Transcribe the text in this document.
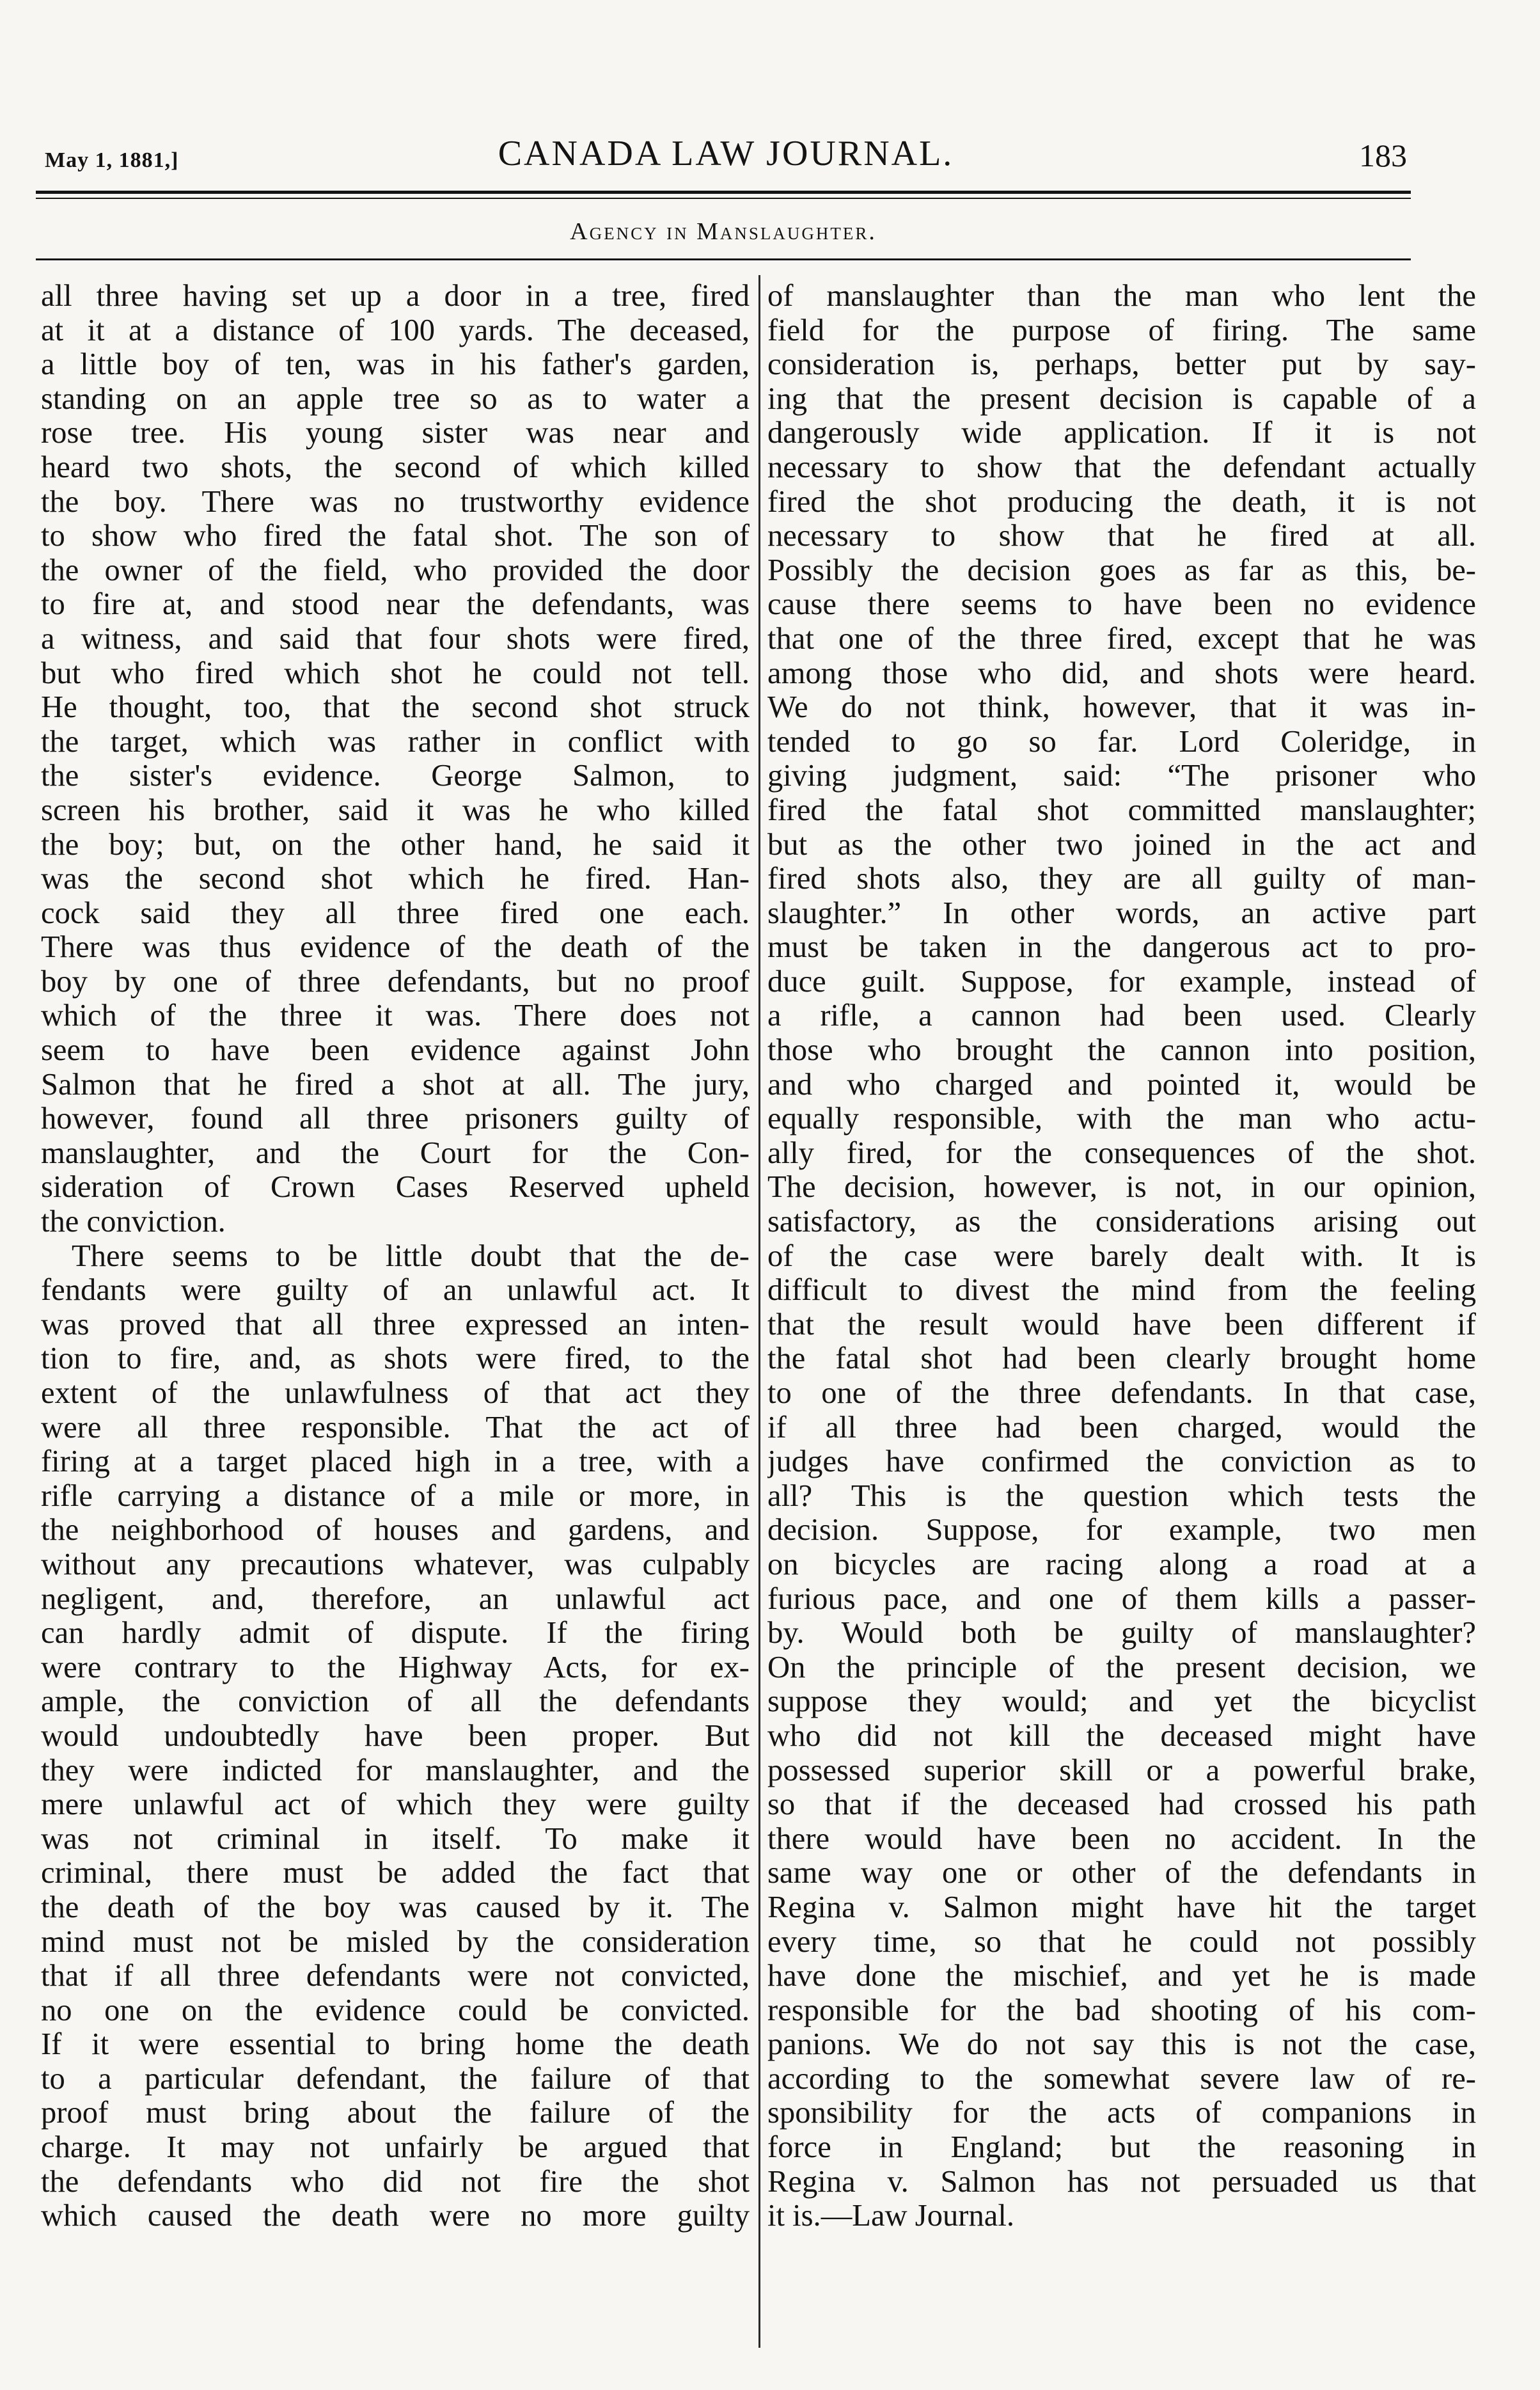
May 1, 1881,]	CANADA LAW JOURNAL.	183
Agency in Manslaughter.
all three having set up a door in a tree, fired
at it at a distance of 100 yards. The deceased,
a little boy of ten, was in his father's garden,
standing on an apple tree so as to water a
rose tree. His young sister was near and
heard two shots, the second of which killed
the boy. There was no trustworthy evidence
to show who fired the fatal shot. The son of
the owner of the field, who provided the door
to fire at, and stood near the defendants, was
a witness, and said that four shots were fired,
but who fired which shot he could not tell.
He thought, too, that the second shot struck
the target, which was rather in conflict with
the sister's evidence. George Salmon, to
screen his brother, said it was he who killed
the boy; but, on the other hand, he said it
was the second shot which he fired. Han-
cock said they all three fired one each.
There was thus evidence of the death of the
boy by one of three defendants, but no proof
which of the three it was. There does not
seem to have been evidence against John
Salmon that he fired a shot at all. The jury,
however, found all three prisoners guilty of
manslaughter, and the Court for the Con-
sideration of Crown Cases Reserved upheld
the conviction.
There seems to be little doubt that the de-
fendants were guilty of an unlawful act. It
was proved that all three expressed an inten-
tion to fire, and, as shots were fired, to the
extent of the unlawfulness of that act they
were all three responsible. That the act of
firing at a target placed high in a tree, with a
rifle carrying a distance of a mile or more, in
the neighborhood of houses and gardens, and
without any precautions whatever, was culpably
negligent, and, therefore, an unlawful act
can hardly admit of dispute. If the firing
were contrary to the Highway Acts, for ex-
ample, the conviction of all the defendants
would undoubtedly have been proper. But
they were indicted for manslaughter, and the
mere unlawful act of which they were guilty
was not criminal in itself. To make it
criminal, there must be added the fact that
the death of the boy was caused by it. The
mind must not be misled by the consideration
that if all three defendants were not convicted,
no one on the evidence could be convicted.
If it were essential to bring home the death
to a particular defendant, the failure of that
proof must bring about the failure of the
charge. It may not unfairly be argued that
the defendants who did not fire the shot
which caused the death were no more guilty
of manslaughter than the man who lent the
field for the purpose of firing. The same
consideration is, perhaps, better put by say-
ing that the present decision is capable of a
dangerously wide application. If it is not
necessary to show that the defendant actually
fired the shot producing the death, it is not
necessary to show that he fired at all.
Possibly the decision goes as far as this, be-
cause there seems to have been no evidence
that one of the three fired, except that he was
among those who did, and shots were heard.
We do not think, however, that it was in-
tended to go so far. Lord Coleridge, in
giving judgment, said: “The prisoner who
fired the fatal shot committed manslaughter;
but as the other two joined in the act and
fired shots also, they are all guilty of man-
slaughter.” In other words, an active part
must be taken in the dangerous act to pro-
duce guilt. Suppose, for example, instead of
a rifle, a cannon had been used. Clearly
those who brought the cannon into position,
and who charged and pointed it, would be
equally responsible, with the man who actu-
ally fired, for the consequences of the shot.
The decision, however, is not, in our opinion,
satisfactory, as the considerations arising out
of the case were barely dealt with. It is
difficult to divest the mind from the feeling
that the result would have been different if
the fatal shot had been clearly brought home
to one of the three defendants. In that case,
if all three had been charged, would the
judges have confirmed the conviction as to
all? This is the question which tests the
decision. Suppose, for example, two men
on bicycles are racing along a road at a
furious pace, and one of them kills a passer-
by. Would both be guilty of manslaughter?
On the principle of the present decision, we
suppose they would; and yet the bicyclist
who did not kill the deceased might have
possessed superior skill or a powerful brake,
so that if the deceased had crossed his path
there would have been no accident. In the
same way one or other of the defendants in
Regina v. Salmon might have hit the target
every time, so that he could not possibly
have done the mischief, and yet he is made
responsible for the bad shooting of his com-
panions. We do not say this is not the case,
according to the somewhat severe law of re-
sponsibility for the acts of companions in
force in England; but the reasoning in
Regina v. Salmon has not persuaded us that
it is.—Law Journal.
